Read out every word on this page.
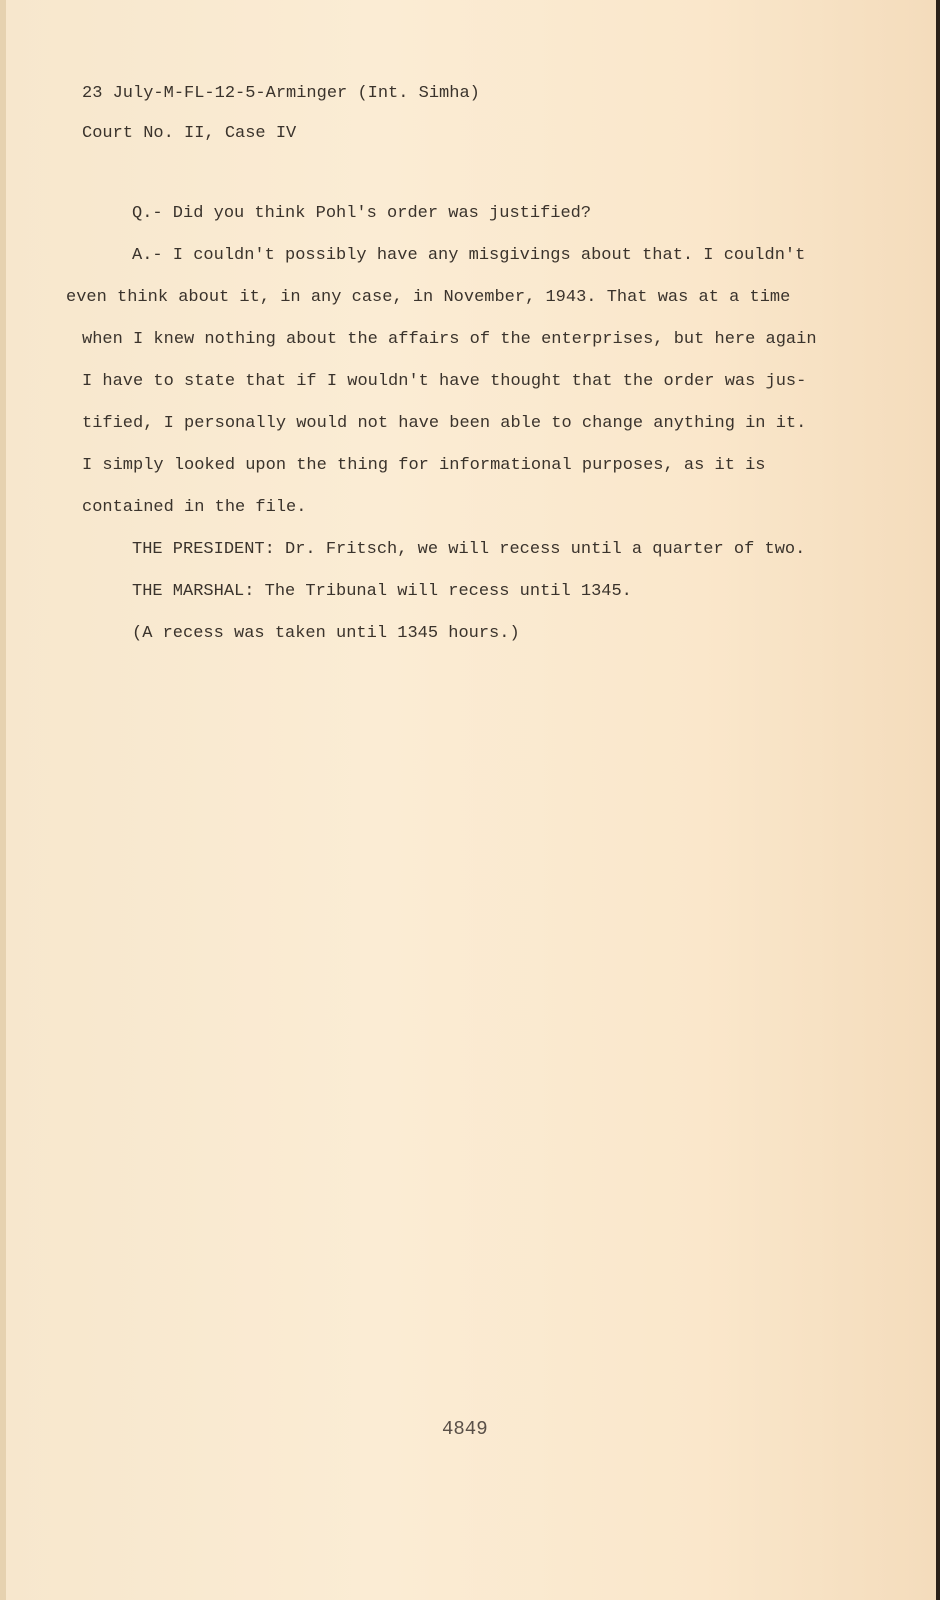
23 July-M-FL-12-5-Arminger (Int. Simha)
Court No. II, Case IV
Q.- Did you think Pohl's order was justified?
A.- I couldn't possibly have any misgivings about that. I couldn't
even think about it, in any case, in November, 1943. That was at a time
when I knew nothing about the affairs of the enterprises, but here again
I have to state that if I wouldn't have thought that the order was jus-
tified, I personally would not have been able to change anything in it.
I simply looked upon the thing for informational purposes, as it is
contained in the file.
THE PRESIDENT: Dr. Fritsch, we will recess until a quarter of two.
THE MARSHAL: The Tribunal will recess until 1345.
(A recess was taken until 1345 hours.)
4849
